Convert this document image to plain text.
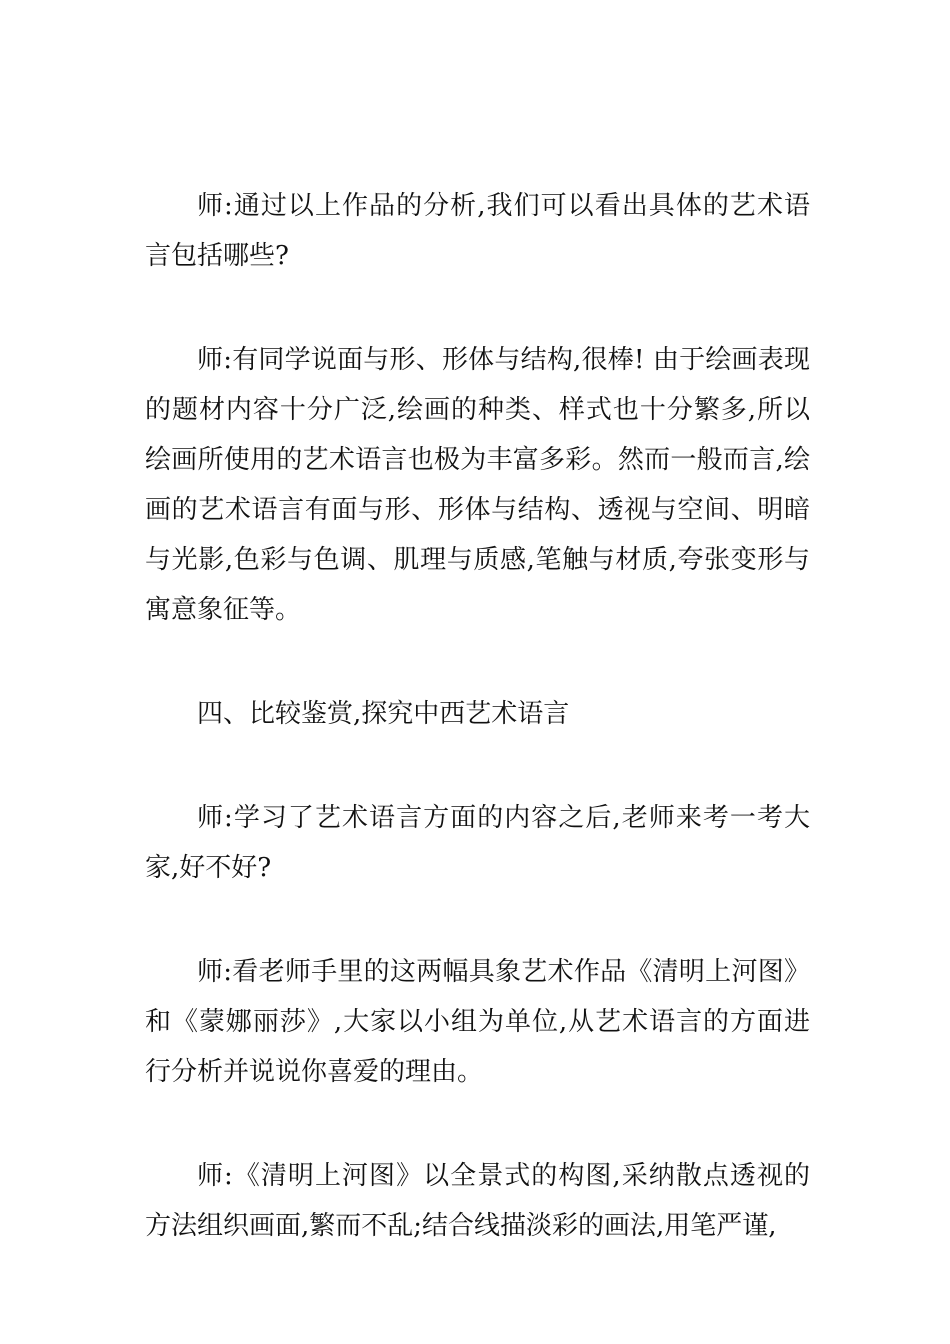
师:通过以上作品的分析,我们可以看出具体的艺术语言包括哪些?

师:有同学说面与形、形体与结构,很棒! 由于绘画表现的题材内容十分广泛,绘画的种类、样式也十分繁多,所以绘画所使用的艺术语言也极为丰富多彩。然而一般而言,绘画的艺术语言有面与形、形体与结构、透视与空间、明暗与光影,色彩与色调、肌理与质感,笔触与材质,夸张变形与寓意象征等。

四、比较鉴赏,探究中西艺术语言

师:学习了艺术语言方面的内容之后,老师来考一考大家,好不好?

师:看老师手里的这两幅具象艺术作品《清明上河图》和《蒙娜丽莎》,大家以小组为单位,从艺术语言的方面进行分析并说说你喜爱的理由。

师:《清明上河图》以全景式的构图,采纳散点透视的方法组织画面,繁而不乱;结合线描淡彩的画法,用笔严谨,
